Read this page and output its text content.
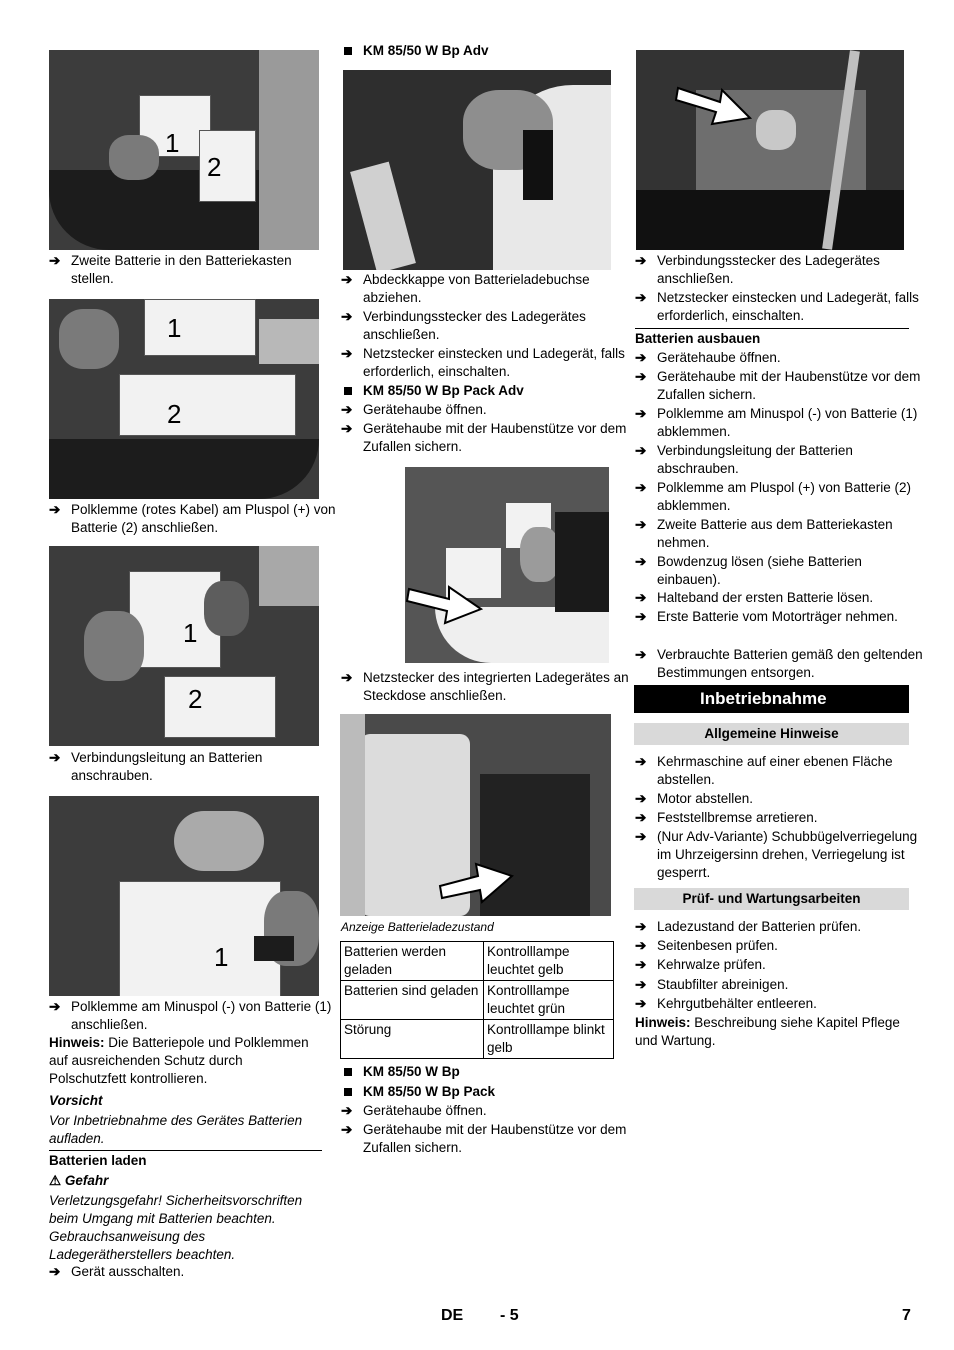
1
2
➔ Zweite Batterie in den Batteriekasten stellen.
1
2
➔ Polklemme (rotes Kabel) am Pluspol (+) von Batterie (2) anschließen.
1
2
➔ Verbindungsleitung an Batterien anschrauben.
1
➔ Polklemme am Minuspol (-) von Batterie (1) anschließen.
Hinweis: Die Batteriepole und Polklemmen auf ausreichenden Schutz durch Polschutzfett kontrollieren.
Vorsicht
Vor Inbetriebnahme des Gerätes Batterien aufladen.
Batterien laden
⚠ Gefahr
Verletzungsgefahr! Sicherheitsvorschriften beim Umgang mit Batterien beachten. Gebrauchsanweisung des Ladegerätherstellers beachten.
➔ Gerät ausschalten.
KM 85/50 W Bp Adv
➔ Abdeckkappe von Batterieladebuchse abziehen.
➔ Verbindungsstecker des Ladegerätes anschließen.
➔ Netzstecker einstecken und Ladegerät, falls erforderlich, einschalten.
KM 85/50 W Bp Pack Adv
➔ Gerätehaube öffnen.
➔ Gerätehaube mit der Haubenstütze vor dem Zufallen sichern.
➔ Netzstecker des integrierten Ladegerätes an Steckdose anschließen.
Anzeige Batterieladezustand
Batterien werden geladen	Kontrolllampe leuchtet gelb
Batterien sind geladen	Kontrolllampe leuchtet grün
Störung	Kontrolllampe blinkt gelb
KM 85/50 W Bp
KM 85/50 W Bp Pack
➔ Gerätehaube öffnen.
➔ Gerätehaube mit der Haubenstütze vor dem Zufallen sichern.
➔ Verbindungsstecker des Ladegerätes anschließen.
➔ Netzstecker einstecken und Ladegerät, falls erforderlich, einschalten.
Batterien ausbauen
➔ Gerätehaube öffnen.
➔ Gerätehaube mit der Haubenstütze vor dem Zufallen sichern.
➔ Polklemme am Minuspol (-) von Batterie (1) abklemmen.
➔ Verbindungsleitung der Batterien abschrauben.
➔ Polklemme am Pluspol (+) von Batterie (2) abklemmen.
➔ Zweite Batterie aus dem Batteriekasten nehmen.
➔ Bowdenzug lösen (siehe Batterien einbauen).
➔ Halteband der ersten Batterie lösen.
➔ Erste Batterie vom Motorträger nehmen.
➔ Verbrauchte Batterien gemäß den geltenden Bestimmungen entsorgen.
Inbetriebnahme
Allgemeine Hinweise
➔ Kehrmaschine auf einer ebenen Fläche abstellen.
➔ Motor abstellen.
➔ Feststellbremse arretieren.
➔ (Nur Adv-Variante) Schubbügelverriegelung im Uhrzeigersinn drehen, Verriegelung ist gesperrt.
Prüf- und Wartungsarbeiten
➔ Ladezustand der Batterien prüfen.
➔ Seitenbesen prüfen.
➔ Kehrwalze prüfen.
➔ Staubfilter abreinigen.
➔ Kehrgutbehälter entleeren.
Hinweis: Beschreibung siehe Kapitel Pflege und Wartung.
DE - 5	7
